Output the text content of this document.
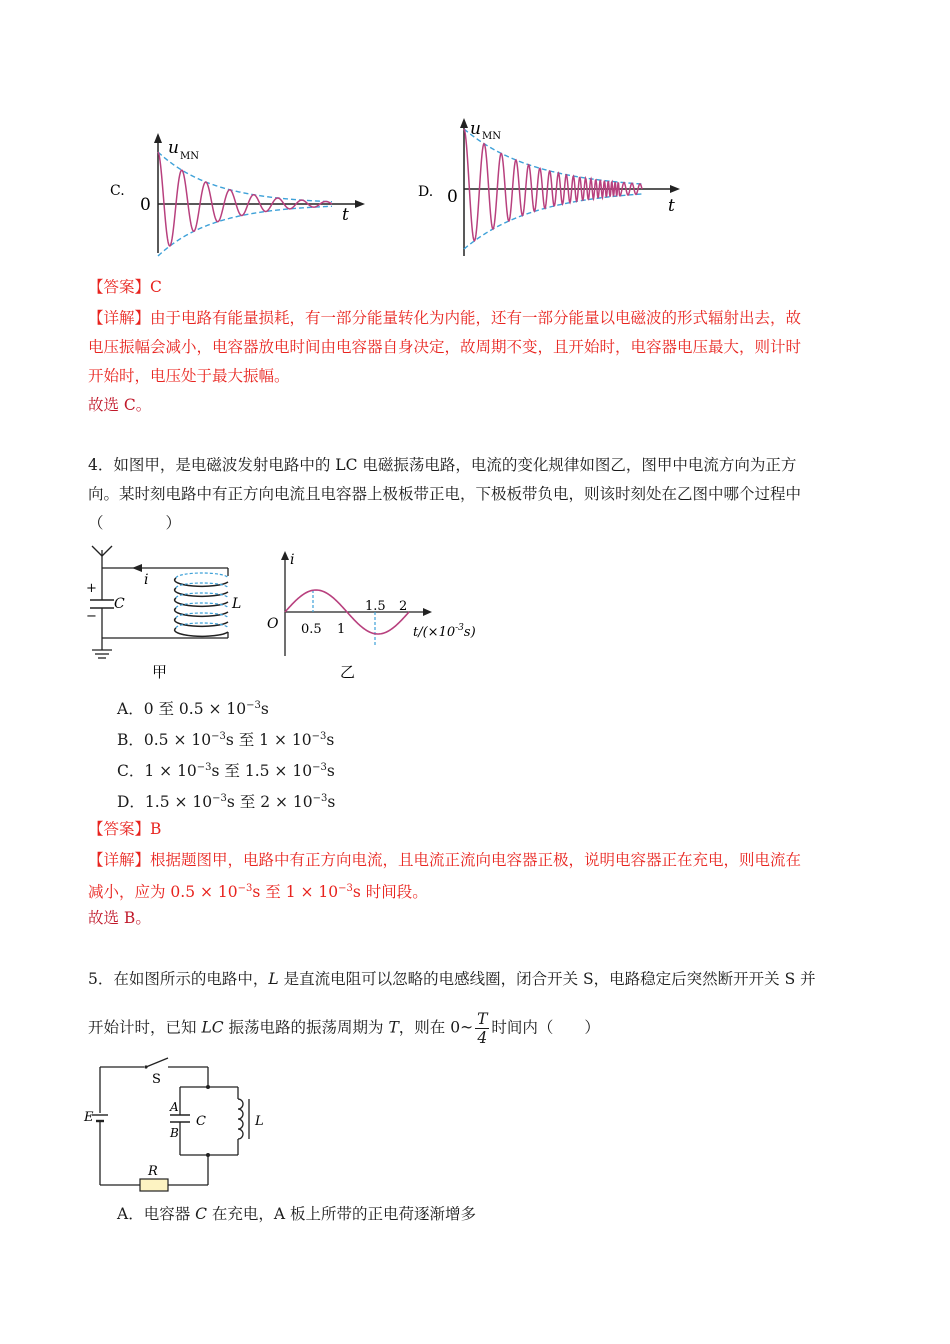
C.
u MN
0	t
D.
u MN
0	t
【答案】C
【详解】由于电路有能量损耗，有一部分能量转化为内能，还有一部分能量以电磁波的形式辐射出去，故
电压振幅会减小，电容器放电时间由电容器自身决定，故周期不变，且开始时，电容器电压最大，则计时
开始时，电压处于最大振幅。
故选 C。
4．如图甲，是电磁波发射电路中的 LC 电磁振荡电路，电流的变化规律如图乙，图甲中电流方向为正方
向。某时刻电路中有正方向电流且电容器上极板带正电，下极板带负电，则该时刻处在乙图中哪个过程中
（　　　　）
i
+
−
C	L
甲
i
O 0.5 1
1.5 2
$t/(\times 10^{-3}s)$
乙
A．0 至 $0.5 \times 10^{-3}s$
B．$0.5 \times 10^{-3}s$ 至 $1 \times 10^{-3}s$
C．$1 \times 10^{-3}s$ 至 $1.5 \times 10^{-3}s$
D．$1.5 \times 10^{-3}s$ 至 $2 \times 10^{-3}s$
【答案】B
【详解】根据题图甲，电路中有正方向电流，且电流正流向电容器正极，说明电容器正在充电，则电流在
减小，应为 $0.5 \times 10^{-3}s$ 至 $1 \times 10^{-3}s$ 时间段。
故选 B。
5．在如图所示的电路中，L 是直流电阻可以忽略的电感线圈，闭合开关 S，电路稳定后突然断开开关 S 并
开始计时，已知 LC 振荡电路的振荡周期为 T，则在 0~ $\frac{T}{4}$ 时间内（　　）
S
E
R
A
B
C	L
A．电容器 C 在充电，A 板上所带的正电荷逐渐增多
